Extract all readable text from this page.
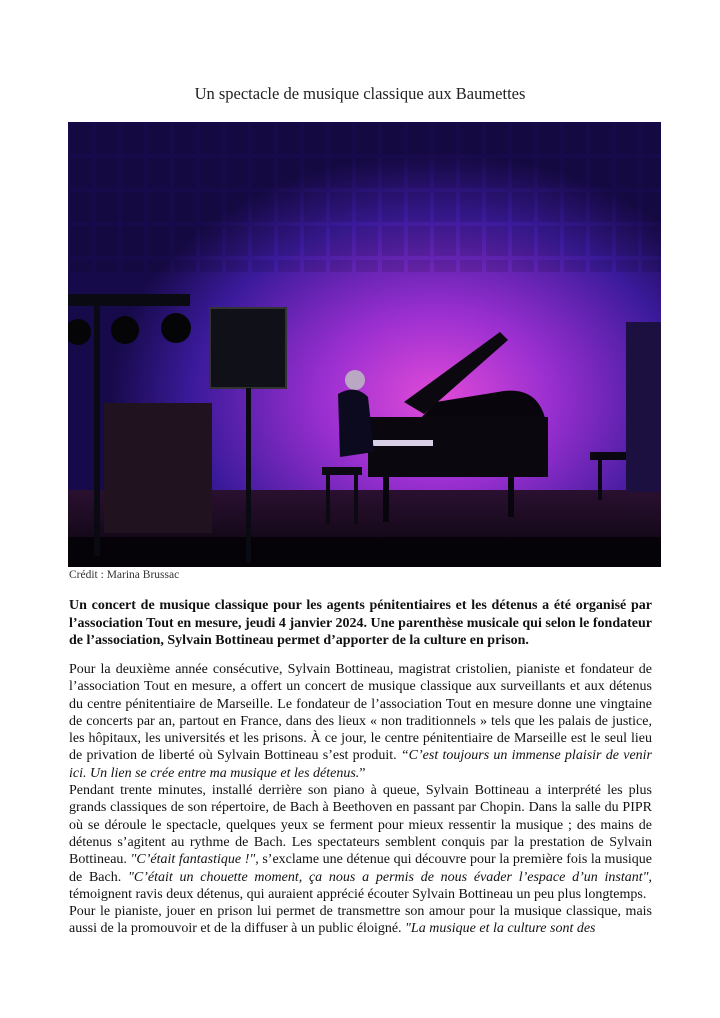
Un spectacle de musique classique aux Baumettes
Crédit : Marina Brussac

Un concert de musique classique pour les agents pénitentiaires et les détenus a été organisé par l’association Tout en mesure, jeudi 4 janvier 2024. Une parenthèse musicale qui selon le fondateur de l’association, Sylvain Bottineau permet d’apporter de la culture en prison.

Pour la deuxième année consécutive, Sylvain Bottineau, magistrat cristolien, pianiste et fondateur de l’association Tout en mesure, a offert un concert de musique classique aux surveillants et aux détenus du centre pénitentiaire de Marseille. Le fondateur de l’association Tout en mesure donne une vingtaine de concerts par an, partout en France, dans des lieux « non traditionnels » tels que les palais de justice, les hôpitaux, les universités et les prisons. À ce jour, le centre pénitentiaire de Marseille est le seul lieu de privation de liberté où Sylvain Bottineau s’est produit. “C’est toujours un immense plaisir de venir ici. Un lien se crée entre ma musique et les détenus.”

Pendant trente minutes, installé derrière son piano à queue, Sylvain Bottineau a interprété les plus grands classiques de son répertoire, de Bach à Beethoven en passant par Chopin. Dans la salle du PIPR où se déroule le spectacle, quelques yeux se ferment pour mieux ressentir la musique ; des mains de détenus s’agitent au rythme de Bach. Les spectateurs semblent conquis par la prestation de Sylvain Bottineau. "C’était fantastique !", s’exclame une détenue qui découvre pour la première fois la musique de Bach. "C’était un chouette moment, ça nous a permis de nous évader l’espace d’un instant", témoignent ravis deux détenus, qui auraient apprécié écouter Sylvain Bottineau un peu plus longtemps.

Pour le pianiste, jouer en prison lui permet de transmettre son amour pour la musique classique, mais aussi de la promouvoir et de la diffuser à un public éloigné. "La musique et la culture sont des
